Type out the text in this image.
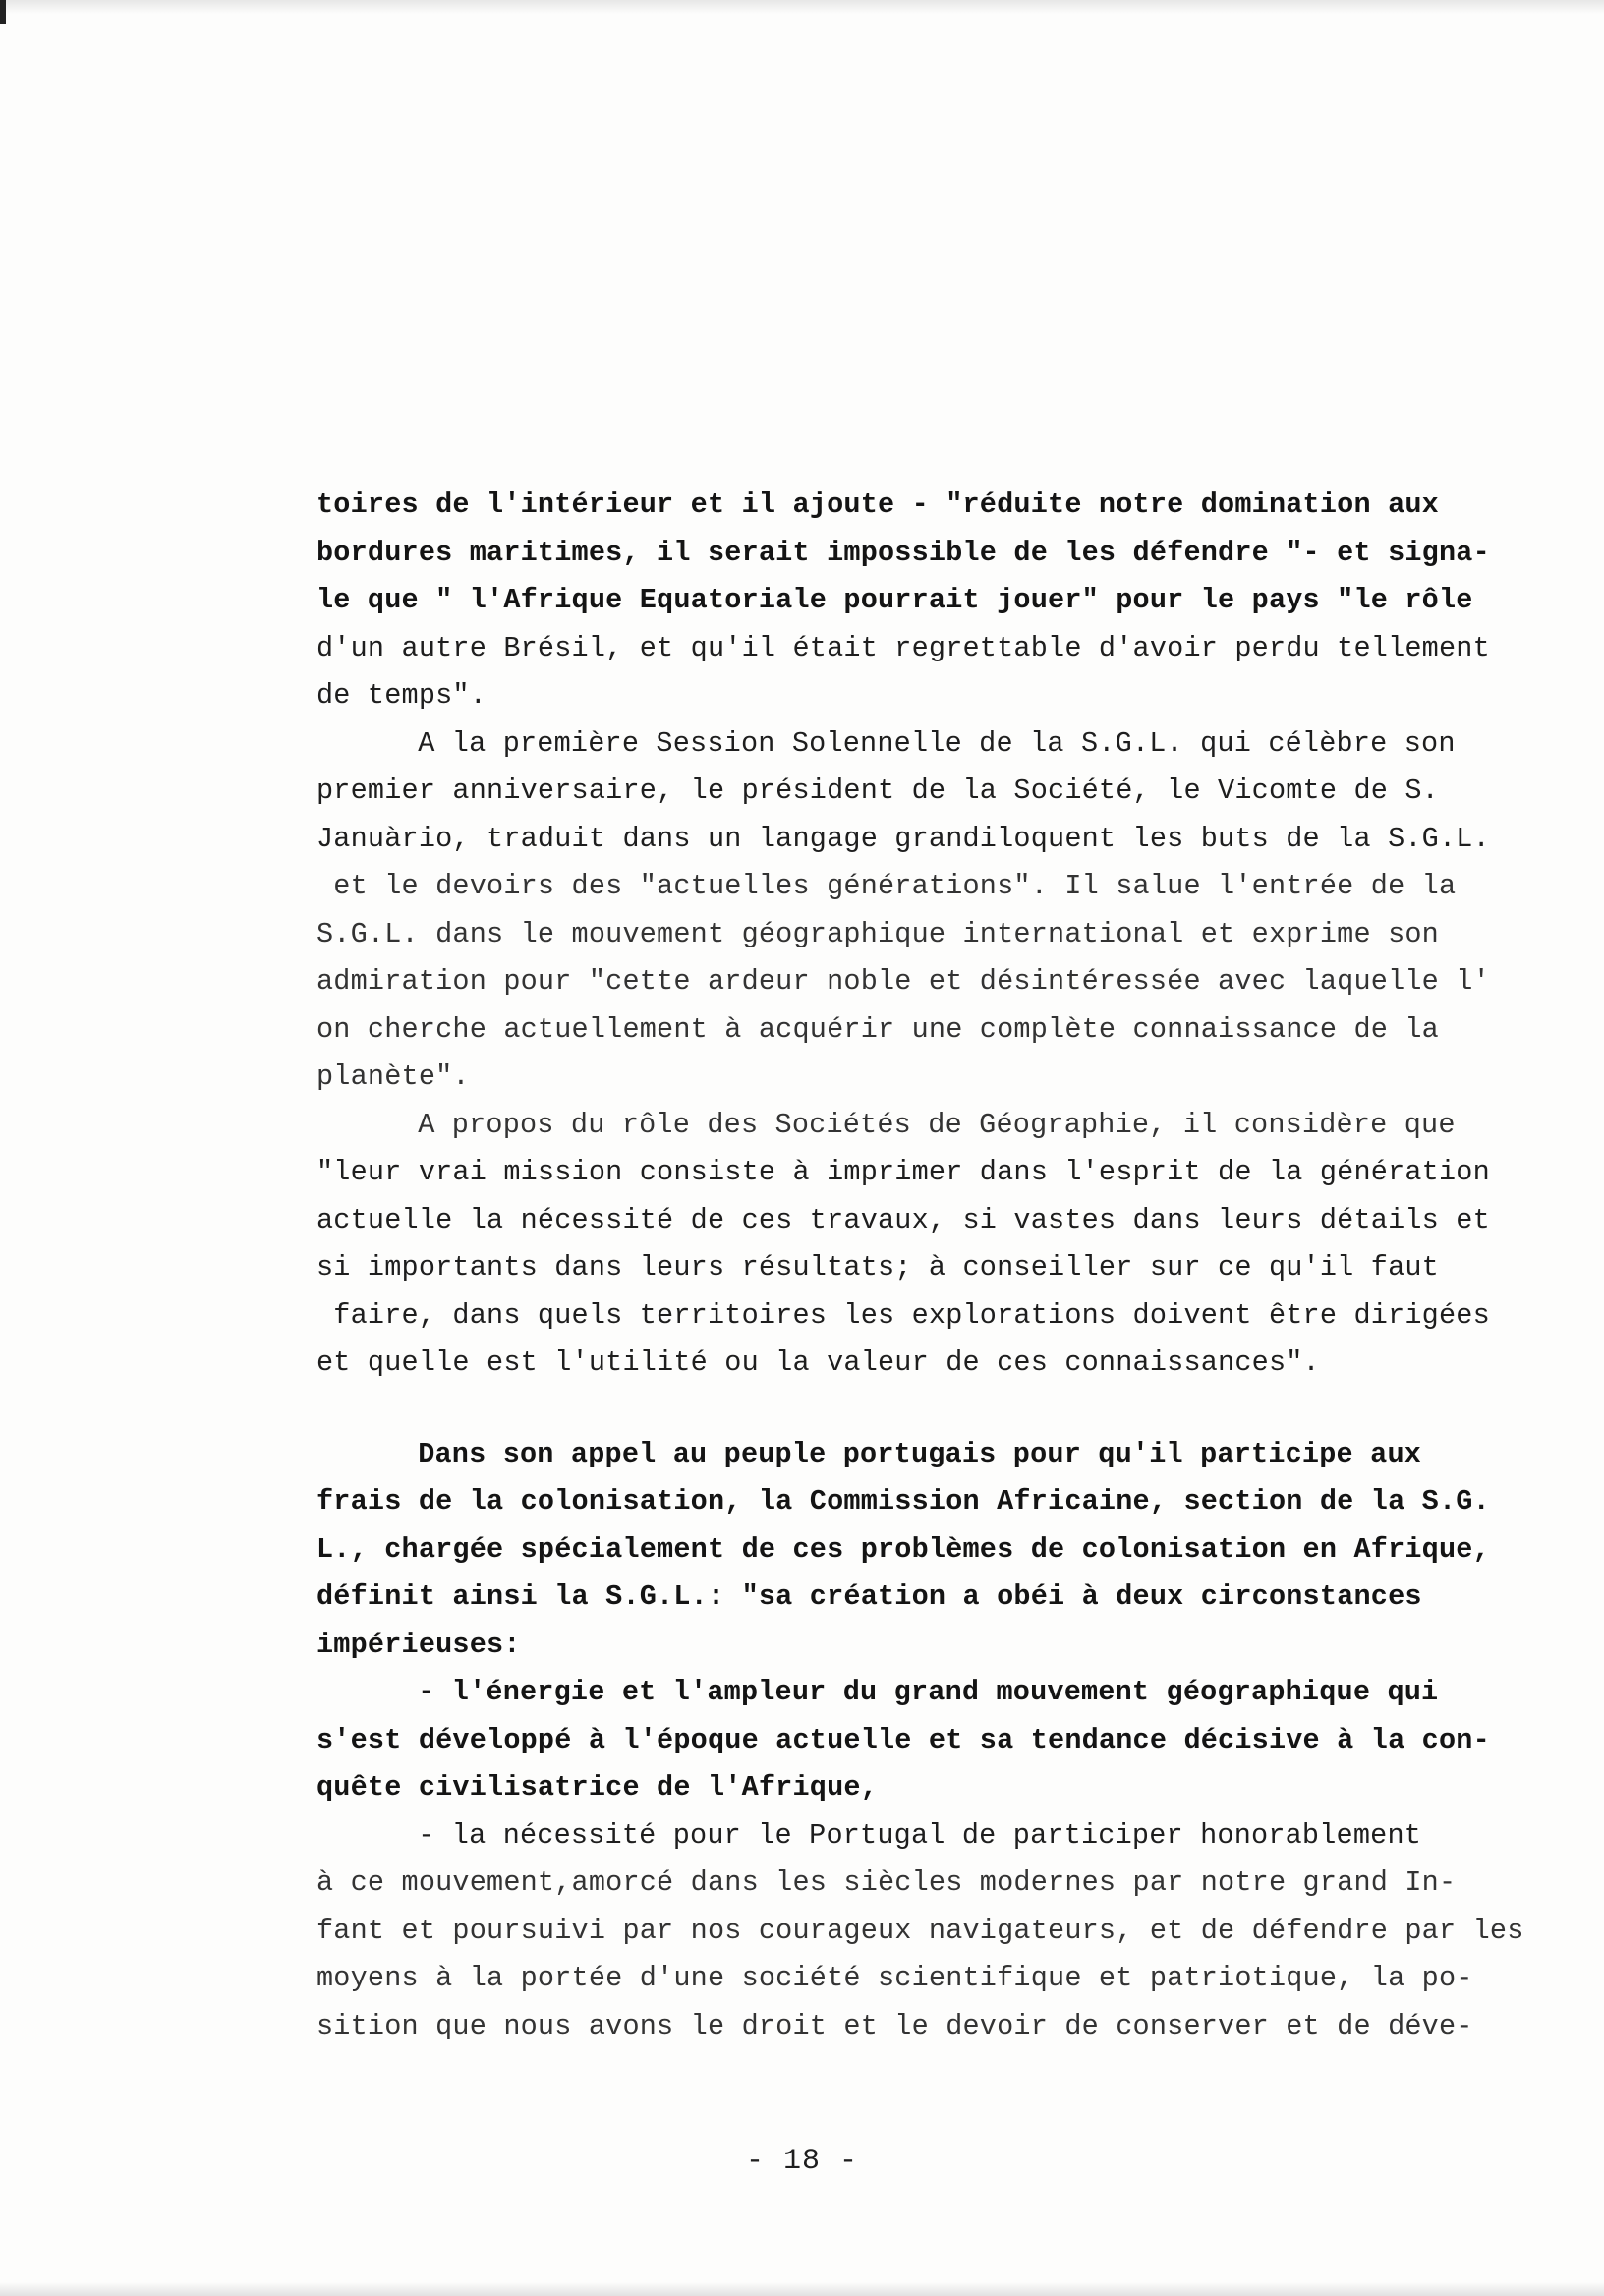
toires de l'intérieur et il ajoute - "réduite notre domination aux
bordures maritimes, il serait impossible de les défendre "- et signa-
le que " l'Afrique Equatoriale pourrait jouer" pour le pays "le rôle
d'un autre Brésil, et qu'il était regrettable d'avoir perdu tellement
de temps".
A la première Session Solennelle de la S.G.L. qui célèbre son
premier anniversaire, le président de la Société, le Vicomte de S.
Januàrio, traduit dans un langage grandiloquent les buts de la S.G.L.
et le devoirs des "actuelles générations". Il salue l'entrée de la
S.G.L. dans le mouvement géographique international et exprime son
admiration pour "cette ardeur noble et désintéressée avec laquelle l'
on cherche actuellement à acquérir une complète connaissance de la
planète".
A propos du rôle des Sociétés de Géographie, il considère que
"leur vrai mission consiste à imprimer dans l'esprit de la génération
actuelle la nécessité de ces travaux, si vastes dans leurs détails et
si importants dans leurs résultats; à conseiller sur ce qu'il faut
faire, dans quels territoires les explorations doivent être dirigées
et quelle est l'utilité ou la valeur de ces connaissances".
Dans son appel au peuple portugais pour qu'il participe aux
frais de la colonisation, la Commission Africaine, section de la S.G.
L., chargée spécialement de ces problèmes de colonisation en Afrique,
définit ainsi la S.G.L.: "sa création a obéi à deux circonstances
impérieuses:
- l'énergie et l'ampleur du grand mouvement géographique qui
s'est développé à l'époque actuelle et sa tendance décisive à la con-
quête civilisatrice de l'Afrique,
- la nécessité pour le Portugal de participer honorablement
à ce mouvement,amorcé dans les siècles modernes par notre grand In-
fant et poursuivi par nos courageux navigateurs, et de défendre par les
moyens à la portée d'une société scientifique et patriotique, la po-
sition que nous avons le droit et le devoir de conserver et de déve-
- 18 -
